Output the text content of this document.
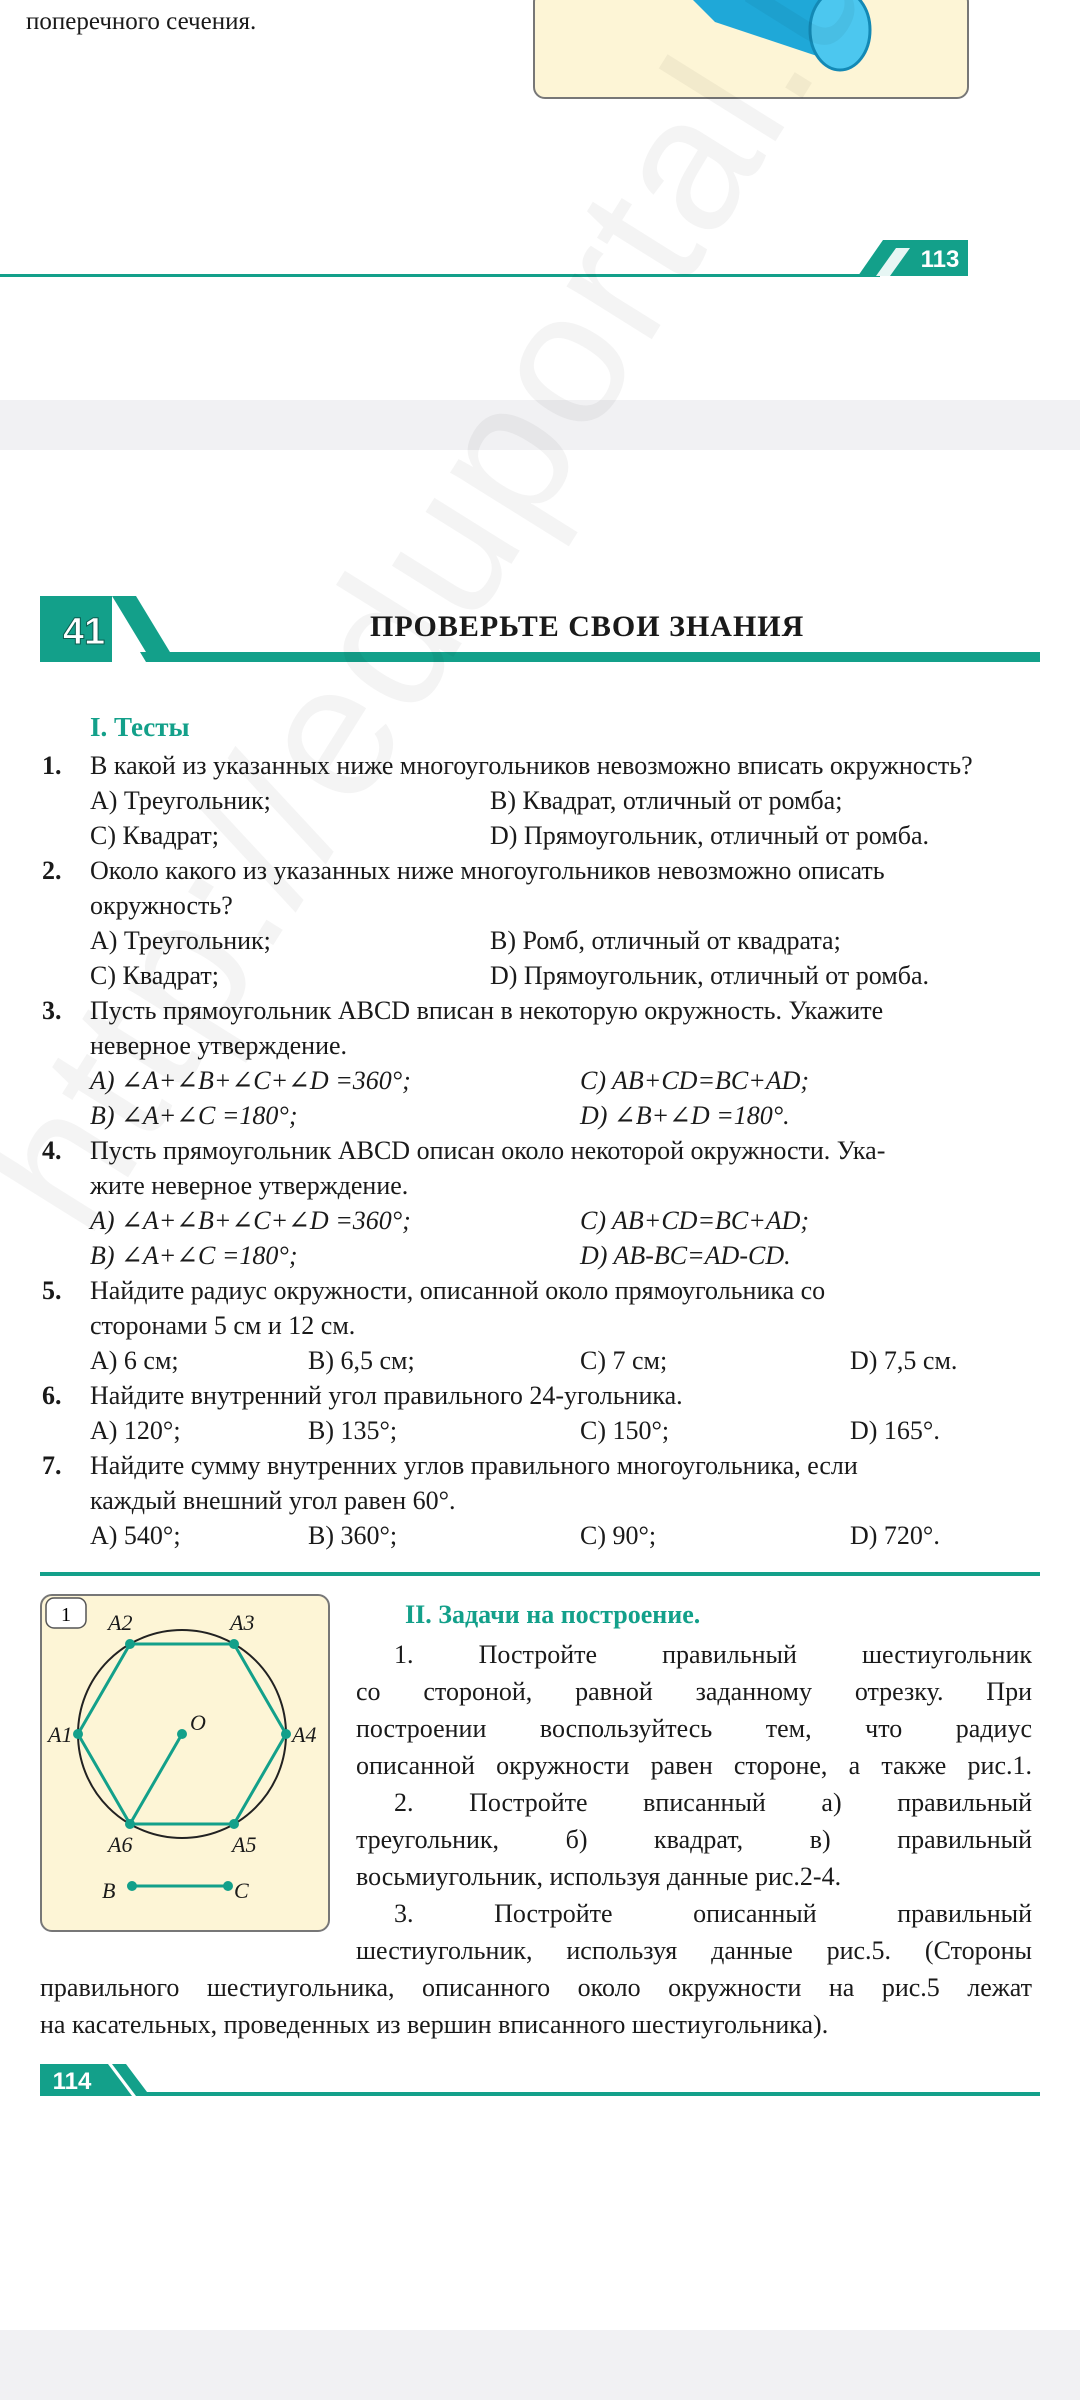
поперечного сечения.
113
41	ПРОВЕРЬТЕ СВОИ ЗНАНИЯ
I. Тесты
1. В какой из указанных ниже многоугольников невозможно вписать окружность?
A) Треугольник;	B) Квадрат, отличный от ромба;
C) Квадрат;	D) Прямоугольник, отличный от ромба.
2. Около какого из указанных ниже многоугольников невозможно описать
окружность?
A) Треугольник;	B) Ромб, отличный от квадрата;
C) Квадрат;	D) Прямоугольник, отличный от ромба.
3. Пусть прямоугольник ABCD вписан в некоторую окружность. Укажите
неверное утверждение.
A) ∠A+∠B+∠C+∠D =360°;	C) AB+CD=BC+AD;
B) ∠A+∠C =180°;	D) ∠B+∠D =180°.
4. Пусть прямоугольник ABCD описан около некоторой окружности. Ука-
жите неверное утверждение.
A) ∠A+∠B+∠C+∠D =360°;	C) AB+CD=BC+AD;
B) ∠A+∠C =180°;	D) AB-BC=AD-CD.
5. Найдите радиус окружности, описанной около прямоугольника со
сторонами 5 см и 12 см.
A) 6 см;	B) 6,5 см;	C) 7 см;	D) 7,5 см.
6. Найдите внутренний угол правильного 24-угольника.
A) 120°;	B) 135°;	C) 150°;	D) 165°.
7. Найдите сумму внутренних углов правильного многоугольника, если
каждый внешний угол равен 60°.
A) 540°;	B) 360°;	C) 90°;	D) 720°.
1 A2	A3
A1	O	A4
A6	A5
B	C
II. Задачи на построение.
1. Постройте правильный шестиугольник
со стороной, равной заданному отрезку. При
построении воспользуйтесь тем, что радиус
описанной окружности равен стороне, а также рис.1.
2. Постройте вписанный а) правильный
треугольник, б) квадрат, в) правильный
восьмиугольник, используя данные рис.2-4.
3. Постройте описанный правильный
шестиугольник, используя данные рис.5. (Стороны
правильного шестиугольника, описанного около окружности на рис.5 лежат
на касательных, проведенных из вершин вписанного шестиугольника).
114
